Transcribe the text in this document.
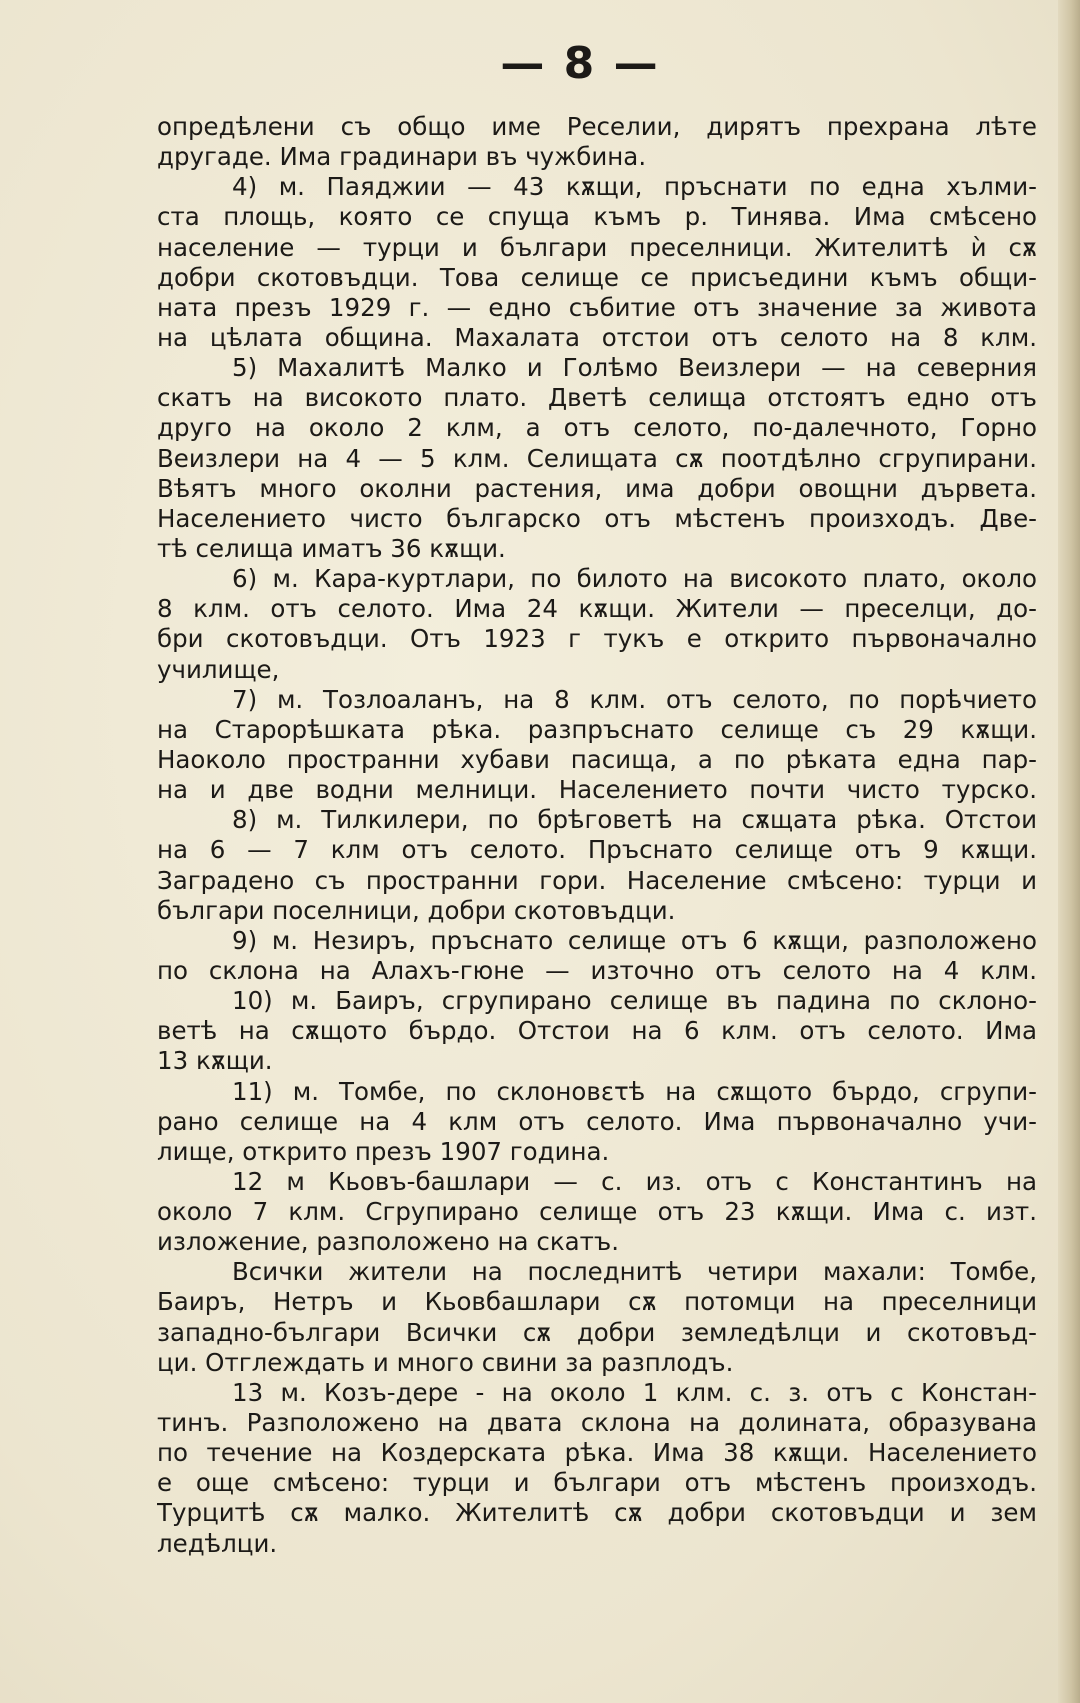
— 8 —
опредѣлени съ общо име Реселии, дирятъ прехрана лѣте
другаде. Има градинари въ чужбина.
4) м. Паяджии — 43 кѫщи, пръснати по една хълми-
ста площь, която се спуща къмъ р. Тинява. Има смѣсено
население — турци и българи преселници. Жителитѣ ѝ сѫ
добри скотовъдци. Това селище се присъедини къмъ общи-
ната презъ 1929 г. — едно събитие отъ значение за живота
на цѣлата община. Махалата отстои отъ селото на 8 клм.
5) Махалитѣ Малко и Голѣмо Веизлери — на северния
скатъ на високото плато. Дветѣ селища отстоятъ едно отъ
друго на около 2 клм, а отъ селото, по-далечното, Горно
Веизлери на 4 — 5 клм. Селищата сѫ поотдѣлно сгрупирани.
Вѣятъ много околни растения, има добри овощни дървета.
Населението чисто българско отъ мѣстенъ произходъ. Две-
тѣ селища иматъ 36 кѫщи.
6) м. Кара-куртлари, по билото на високото плато, около
8 клм. отъ селото. Има 24 кѫщи. Жители — преселци, до-
бри скотовъдци. Отъ 1923 г тукъ е открито първоначално
училище,
7) м. Тозлоаланъ, на 8 клм. отъ селото, по порѣчието
на Старорѣшката рѣка. разпръснато селище съ 29 кѫщи.
Наоколо пространни хубави пасища, а по рѣката една пар-
на и две водни мелници. Населението почти чисто турско.
8) м. Тилкилери, по брѣговетѣ на сѫщата рѣка. Отстои
на 6 — 7 клм отъ селото. Пръснато селище отъ 9 кѫщи.
Заградено съ пространни гори. Население смѣсено: турци и
българи поселници, добри скотовъдци.
9) м. Незиръ, пръснато селище отъ 6 кѫщи, разположено
по склона на Алахъ-гюне — източно отъ селото на 4 клм.
10) м. Баиръ, сгрупирано селище въ падина по склоно-
ветѣ на сѫщото бърдо. Отстои на 6 клм. отъ селото. Има
13 кѫщи.
11) м. Томбе, по склоновετѣ на сѫщото бърдо, сгрупи-
рано селище на 4 клм отъ селото. Има първоначално учи-
лище, открито презъ 1907 година.
12 м Кьовъ-башлари — с. из. отъ с Константинъ на
около 7 клм. Сгрупирано селище отъ 23 кѫщи. Има с. изт.
изложение, разположено на скатъ.
Всички жители на последнитѣ четири махали: Томбе,
Баиръ, Нетръ и Кьовбашлари сѫ потомци на преселници
западно-българи Всички сѫ добри земледѣлци и скотовъд-
ци. Отглеждать и много свини за разплодъ.
13 м. Козъ-дере - на около 1 клм. с. з. отъ с Констан-
тинъ. Разположено на двата склона на долината, образувана
по течение на Коздерската рѣка. Има 38 кѫщи. Населението
е още смѣсено: турци и българи отъ мѣстенъ произходъ.
Турцитѣ сѫ малко. Жителитѣ сѫ добри скотовъдци и зем
ледѣлци.
